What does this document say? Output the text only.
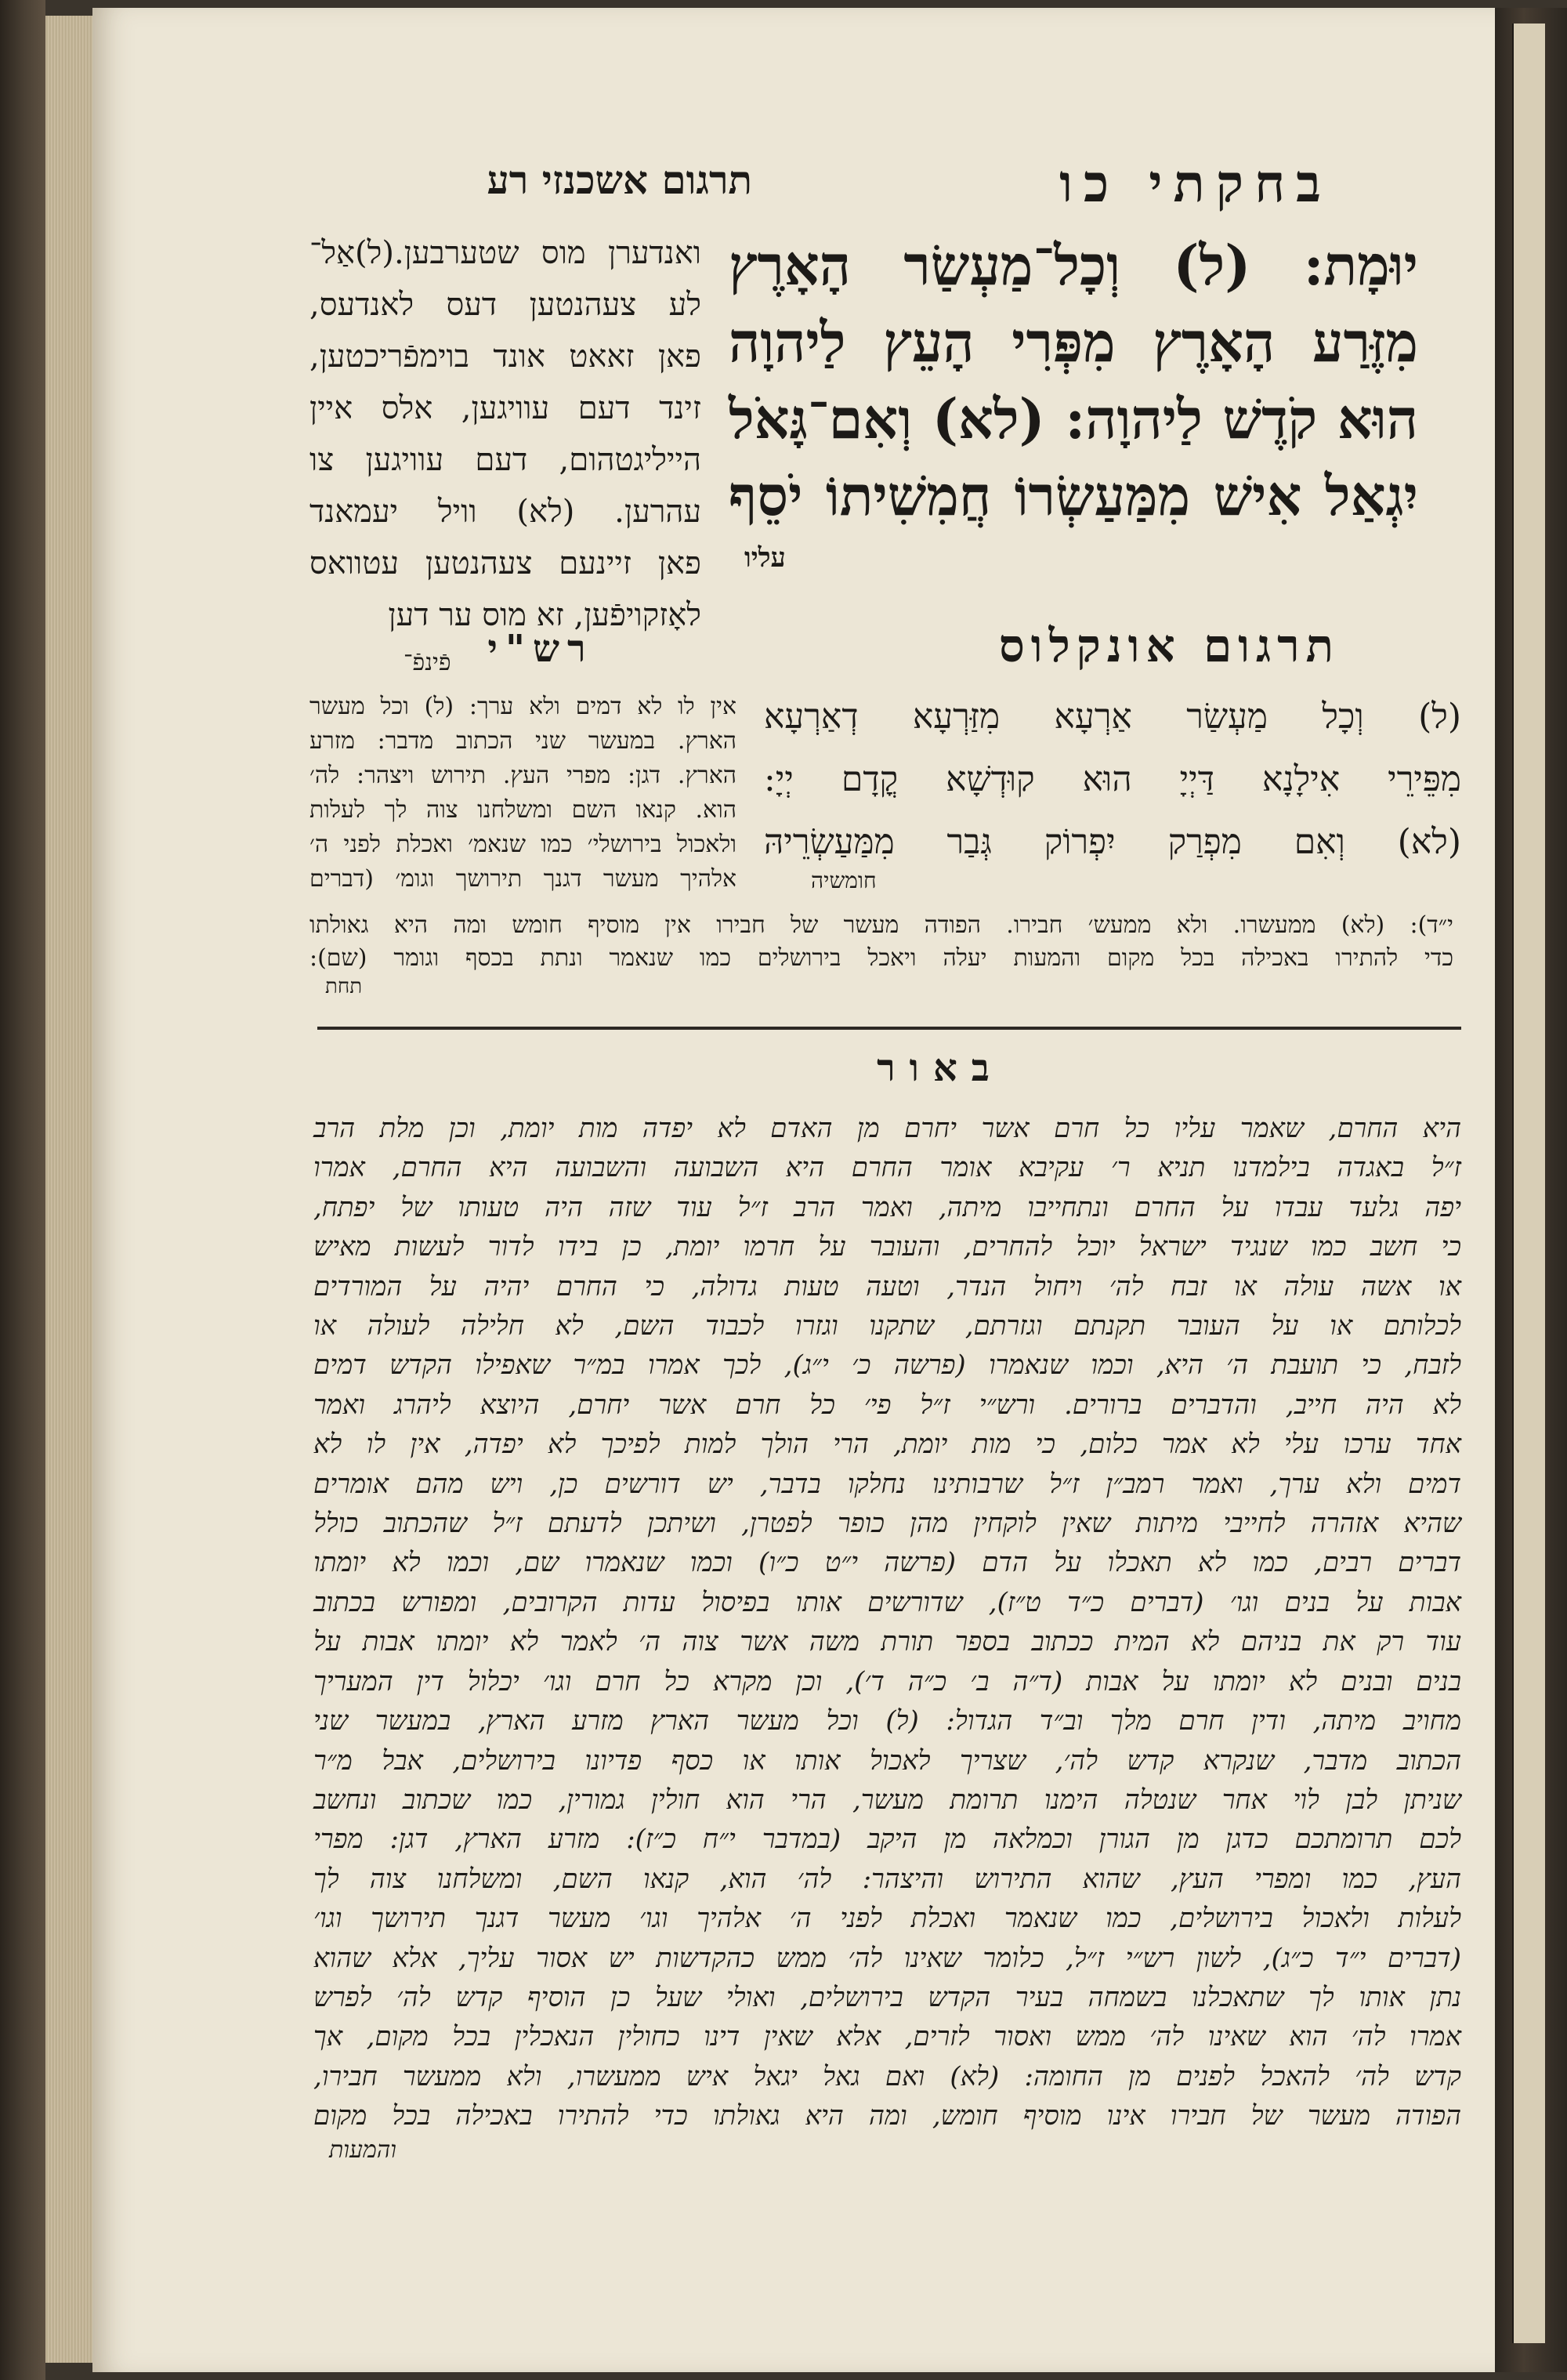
בחקתי כו
תרגום אשכנזי רע
יוּמָת: (ל) וְכָל־מַעְשַׂר הָאָרֶץ
מִזֶּרַע הָאָרֶץ מִפְּרִי הָעֵץ לַיהוָה
הוּא קֹדֶשׁ לַיהוָה: (לא) וְאִם־גָּאֹל
יִגְאַל אִישׁ מִמַּעַשְׂרוֹ חֲמִשִׁיתוֹ יֹסֵף
עליו
ואנדערן מוס שטערבען.(ל)אַל־
לע צעהנטען דעס לאנדעס,
פאן זאאט אונד בוימפֿריכטען,
זינד דעם עוויגען, אלס איין
הייליגטהום, דעם עוויגען צו
עהרען. (לא) וויל יעמאנד
פאן זיינעם צעהנטען עטוואס
לאָזקויפֿען, זא מוס ער דען
פֿינפֿ־	תרגום אונקלוס
רש"י
(ל) וְכָל מַעְשַׂר אַרְעָא מִזַּרְעָא דְאַרְעָא
מִפֵּירֵי אִילָנָא דַּיְיָ הוּא קוּדְשָׁא קֳדָם יְיָ:
(לא) וְאִם מִפְרַק יִפְרוֹק גְּבַר מִמַּעַשְׂרֵיהּ
חומשיה
אין לו לא דמים ולא ערך: (ל) וכל מעשר
הארץ. במעשר שני הכתוב מדבר: מזרע
הארץ. דגן: מפרי העץ. תירוש ויצהר: לה׳
הוא. קנאו השם ומשלחנו צוה לך לעלות
ולאכול בירושלי׳ כמו שנאמ׳ ואכלת לפני ה׳
אלהיך מעשר דגנך תירושך וגומ׳ (דברים
י״ד): (לא) ממעשרו. ולא ממעש׳ חבירו. הפודה מעשר של חבירו אין מוסיף חומש ומה היא גאולתו
כדי להתירו באכילה בכל מקום והמעות יעלה ויאכל בירושלים כמו שנאמר ונתת בכסף וגומר (שם):
תחת
באור
היא החרם, שאמר עליו כל חרם אשר יחרם מן האדם לא יפדה מות יומת, וכן מלת הרב
ז״ל באגדה בילמדנו תניא ר׳ עקיבא אומר החרם היא השבועה והשבועה היא החרם, אמרו
יפה גלעד עבדו על החרם ונתחייבו מיתה, ואמר הרב ז״ל עוד שזה היה טעותו של יפתח,
כי חשב כמו שנגיד ישראל יוכל להחרים, והעובר על חרמו יומת, כן בידו לדור לעשות מאיש
או אשה עולה או זבח לה׳ ויחול הנדר, וטעה טעות גדולה, כי החרם יהיה על המורדים
לכלותם או על העובר תקנתם וגזרתם, שתקנו וגזרו לכבוד השם, לא חלילה לעולה או
לזבח, כי תועבת ה׳ היא, וכמו שנאמרו (פרשה כ׳ י״ג), לכך אמרו במ״ר שאפילו הקדש דמים
לא היה חייב, והדברים ברורים. ורש״י ז״ל פי׳ כל חרם אשר יחרם, היוצא ליהרג ואמר
אחד ערכו עלי לא אמר כלום, כי מות יומת, הרי הולך למות לפיכך לא יפדה, אין לו לא
דמים ולא ערך, ואמר רמב״ן ז״ל שרבותינו נחלקו בדבר, יש דורשים כן, ויש מהם אומרים
שהיא אזהרה לחייבי מיתות שאין לוקחין מהן כופר לפטרן, ושיתכן לדעתם ז״ל שהכתוב כולל
דברים רבים, כמו לא תאכלו על הדם (פרשה י״ט כ״ו) וכמו שנאמרו שם, וכמו לא יומתו
אבות על בנים וגו׳ (דברים כ״ד ט״ז), שדורשים אותו בפיסול עדות הקרובים, ומפורש בכתוב
עוד רק את בניהם לא המית ככתוב בספר תורת משה אשר צוה ה׳ לאמר לא יומתו אבות על
בנים ובנים לא יומתו על אבות (ד״ה ב׳ כ״ה ד׳), וכן מקרא כל חרם וגו׳ יכלול דין המעריך
מחויב מיתה, ודין חרם מלך וב״ד הגדול: (ל) וכל מעשר הארץ מזרע הארץ, במעשר שני
הכתוב מדבר, שנקרא קדש לה׳, שצריך לאכול אותו או כסף פדיונו בירושלים, אבל מ״ר
שניתן לבן לוי אחר שנטלה הימנו תרומת מעשר, הרי הוא חולין גמורין, כמו שכתוב ונחשב
לכם תרומתכם כדגן מן הגורן וכמלאה מן היקב (במדבר י״ח כ״ז): מזרע הארץ, דגן: מפרי
העץ, כמו ומפרי העץ, שהוא התירוש והיצהר: לה׳ הוא, קנאו השם, ומשלחנו צוה לך
לעלות ולאכול בירושלים, כמו שנאמר ואכלת לפני ה׳ אלהיך וגו׳ מעשר דגנך תירושך וגו׳
(דברים י״ד כ״ג), לשון רש״י ז״ל, כלומר שאינו לה׳ ממש כהקדשות יש אסור עליך, אלא שהוא
נתן אותו לך שתאכלנו בשמחה בעיר הקדש בירושלים, ואולי שעל כן הוסיף קדש לה׳ לפרש
אמרו לה׳ הוא שאינו לה׳ ממש ואסור לזרים, אלא שאין דינו כחולין הנאכלין בכל מקום, אך
קדש לה׳ להאכל לפנים מן החומה: (לא) ואם גאל יגאל איש ממעשרו, ולא ממעשר חבירו,
הפודה מעשר של חבירו אינו מוסיף חומש, ומה היא גאולתו כדי להתירו באכילה בכל מקום
והמעות
